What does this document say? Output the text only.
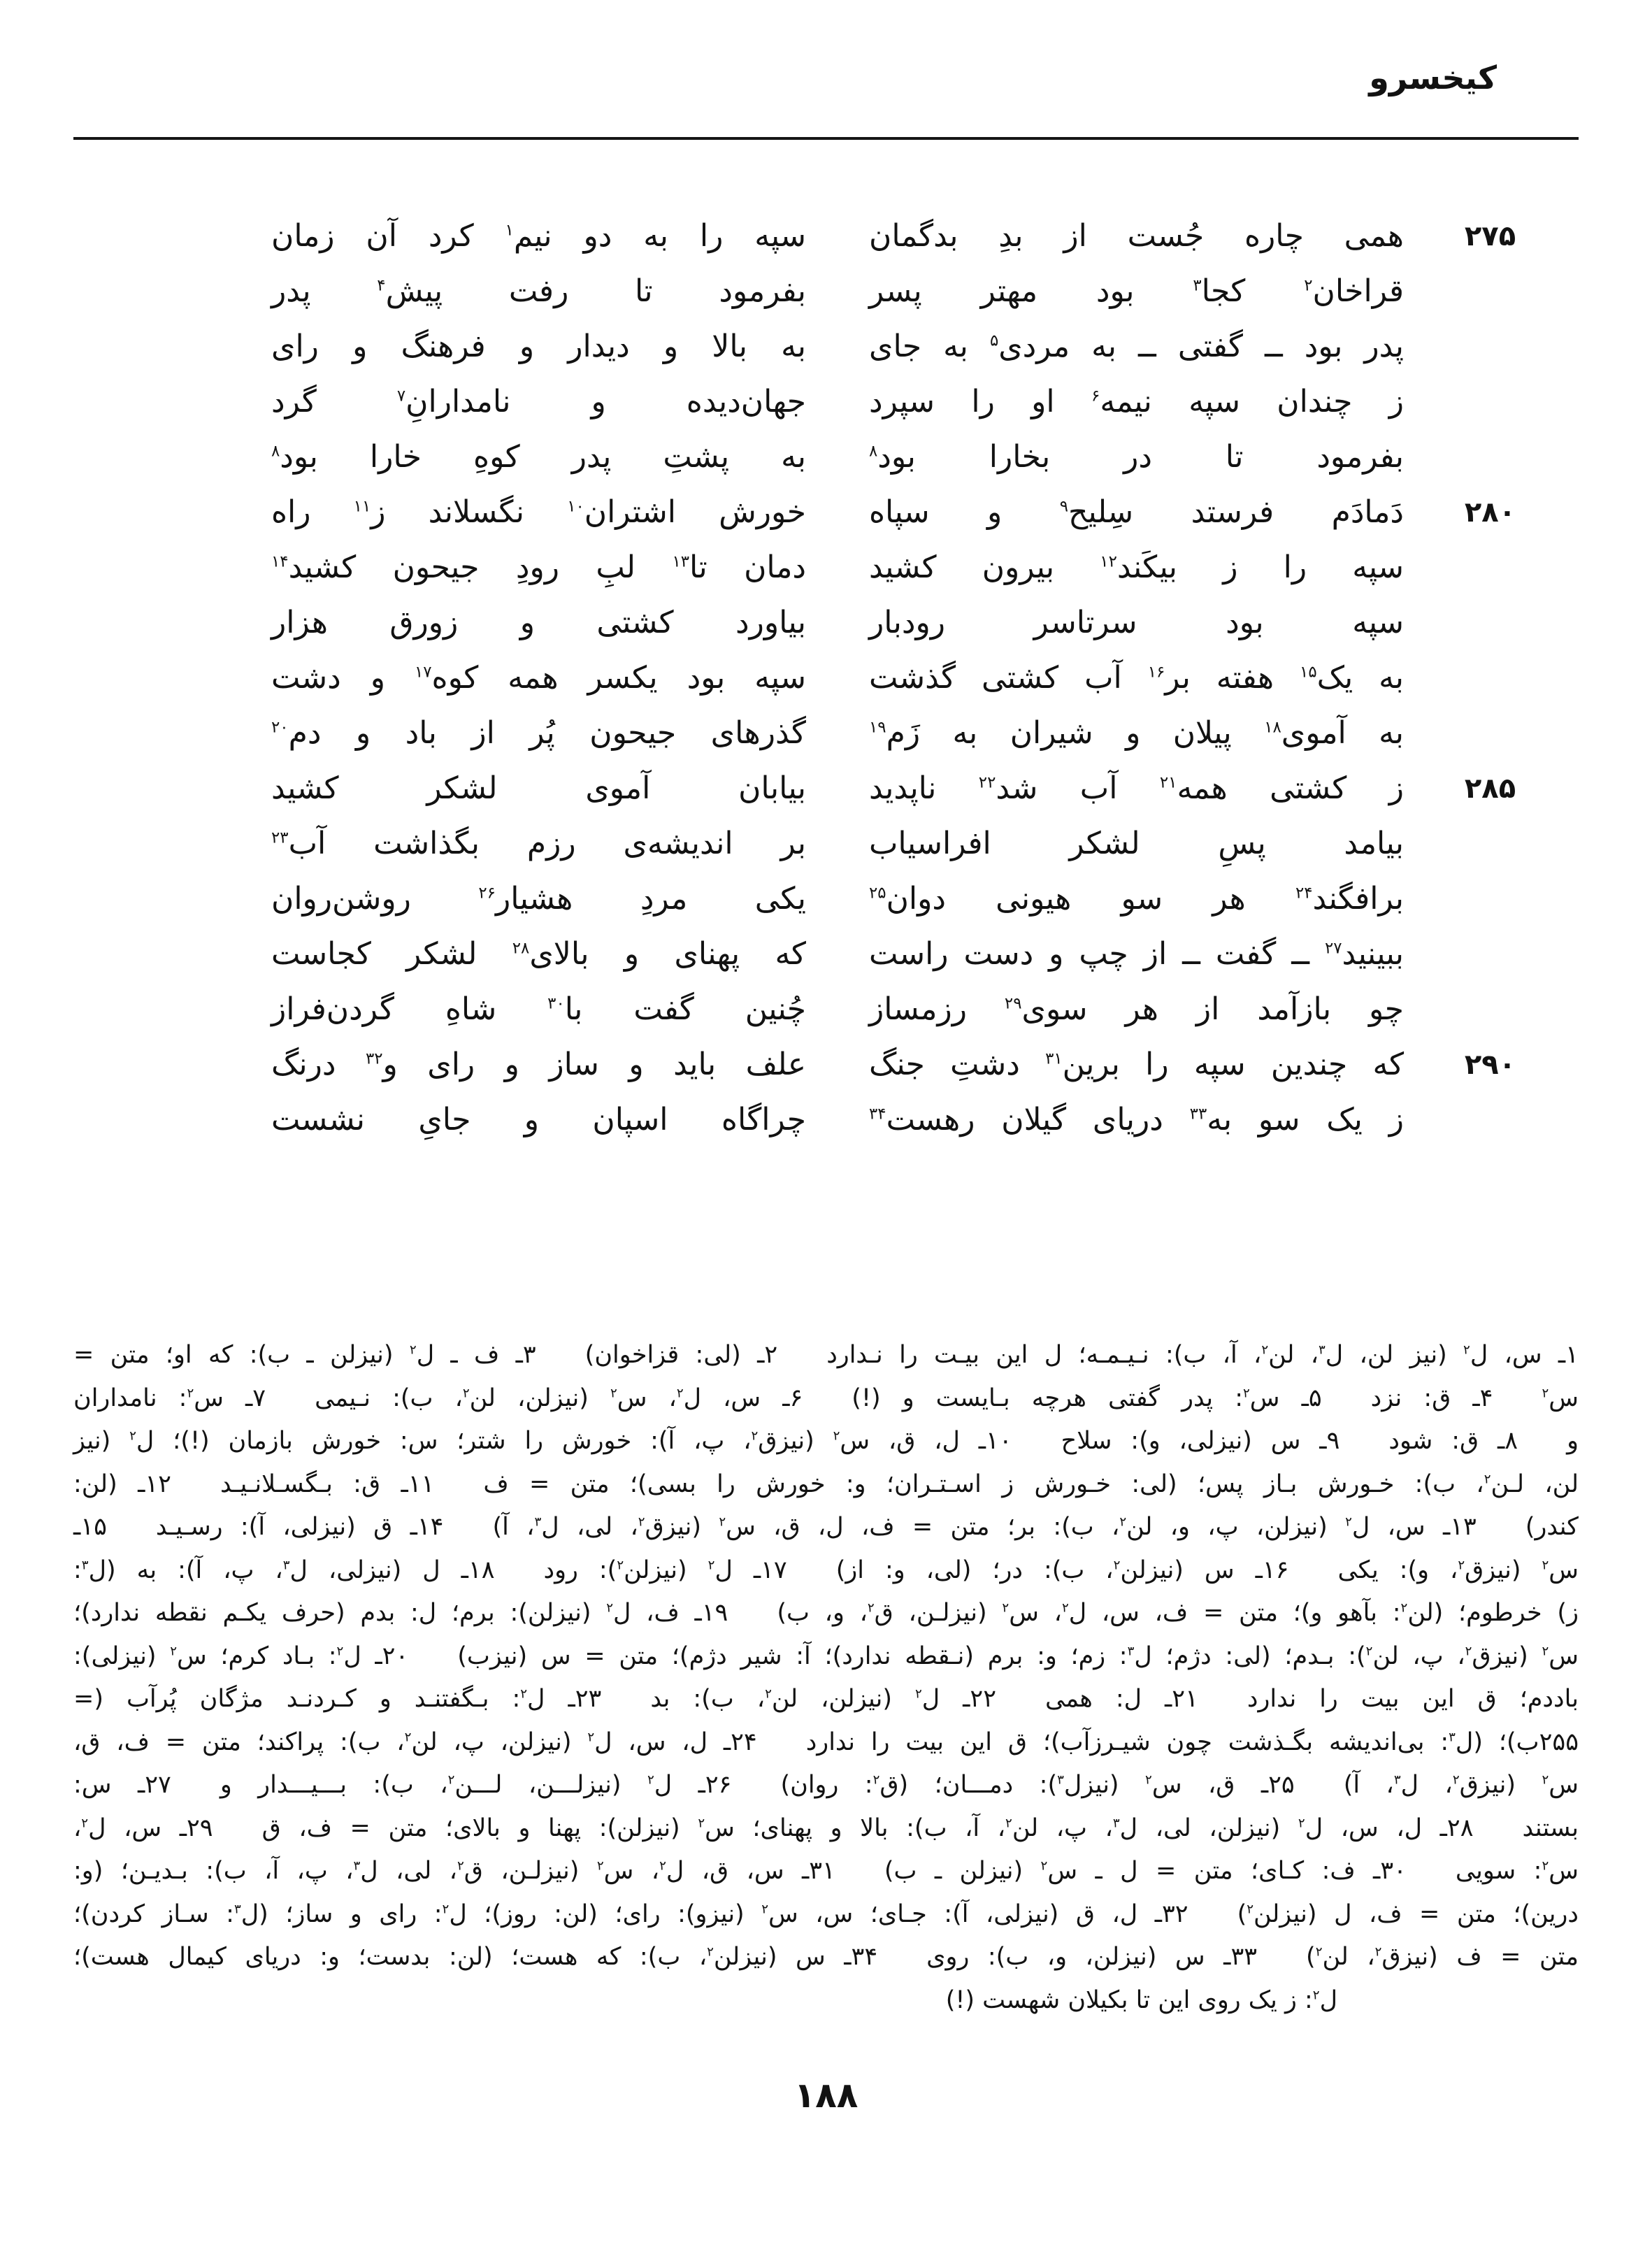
کیخسرو
۲۷۵
همی چاره جُست از بدِ بدگمان
سپه را به دو نیم$^۱$ کرد آن زمان
قراخان$^۲$ کجا$^۳$ بود مهتر پسر
بفرمود تا رفت پیش$^۴$ پدر
پدر بود ــ گفتی ــ به مردی$^۵$ به جای
به بالا و دیدار و فرهنگ و رای
ز چندان سپه نیمه$^۶$ او را سپرد
جهان‌دیده و نامدارانِ$^۷$ گرد
بفرمود تا در بخارا بود$^۸$
به پشتِ پدر کوهِ خارا بود$^۸$
۲۸۰
دَمادَم فرستد سِلیح$^۹$ و سپاه
خورش اشتران$^{۱۰}$ نگسلاند ز$^{۱۱}$ راه
سپه را ز بیکَند$^{۱۲}$ بیرون کشید
دمان تا$^{۱۳}$ لبِ رودِ جیحون کشید$^{۱۴}$
سپه بود سرتاسر رودبار
بیاورد کشتی و زورق هزار
به یک$^{۱۵}$ هفته بر$^{۱۶}$ آب کشتی گذشت
سپه بود یکسر همه کوه$^{۱۷}$ و دشت
به آموی$^{۱۸}$ پیلان و شیران به زَم$^{۱۹}$
گذرهای جیحون پُر از باد و دم$^{۲۰}$
۲۸۵
ز کشتی همه$^{۲۱}$ آب شد$^{۲۲}$ ناپدید
بیابان آموی لشکر کشید
بیامد پسِ لشکر افراسیاب
بر اندیشه‌ی رزم بگذاشت آب$^{۲۳}$
برافگند$^{۲۴}$ هر سو هیونی دوان$^{۲۵}$
یکی مردِ هشیار$^{۲۶}$ روشن‌روان
ببینید$^{۲۷}$ ــ گفت ــ از چپ و دست راست
که پهنای و بالای$^{۲۸}$ لشکر کجاست
چو بازآمد از هر سوی$^{۲۹}$ رزمساز
چُنین گفت با$^{۳۰}$ شاهِ گردن‌فراز
۲۹۰
که چندین سپه را برین$^{۳۱}$ دشتِ جنگ
علف باید و ساز و رای و$^{۳۲}$ درنگ
ز یک سو به$^{۳۳}$ دریای گیلان رهست$^{۳۴}$
چراگاه اسپان و جایِ نشست
۱ـ س، ل$^۲$ (نیز لن، ل$^۳$، لن$^۲$، آ، ب): نـیـمـه؛ ل این بیـت را نـدارد  ۲ـ (لی: قزاخوان)  ۳ـ ف ـ ل$^۲$ (نیزلن ـ ب): که او؛ متن =
س$^۲$  ۴ـ ق: نزد  ۵ـ س$^۲$: پدر گفتی هرچه بـایست و (!)  ۶ـ س، ل$^۲$، س$^۲$ (نیزلن، لن$^۲$، ب): نـیمی  ۷ـ س$^۲$: نامداران
و  ۸ـ ق: شود  ۹ـ س (نیزلی، و): سلاح  ۱۰ـ ل، ق، س$^۲$ (نیزق$^۲$، پ، آ): خورش را شتر؛ س: خورش بازمان (!)؛ ل$^۲$ (نیز
لن، لـن$^۲$، ب): خـورش بـاز پس؛ (لی: خـورش ز اسـتـران؛ و: خورش را بسی)؛ متن = ف  ۱۱ـ ق: بـگسـلانـیـد  ۱۲ـ (لن:
کندر)  ۱۳ـ س، ل$^۲$ (نیزلن، پ، و، لن$^۲$، ب): بر؛ متن = ف، ل، ق، س$^۲$ (نیزق$^۲$، لی، ل$^۳$، آ)  ۱۴ـ ق (نیزلی، آ): رسـیـد  ۱۵ـ
س$^۲$ (نیزق$^۲$، و): یکی  ۱۶ـ س (نیزلن$^۲$، ب): در؛ (لی، و: از)  ۱۷ـ ل$^۲$ (نیزلن$^۲$): رود  ۱۸ـ ل (نیزلی، ل$^۳$، پ، آ): به (ل$^۳$:
ز) خرطوم؛ (لن$^۲$: بآهو و)؛ متن = ف، س، ل$^۲$، س$^۲$ (نیزلـن، ق$^۲$، و، ب)  ۱۹ـ ف، ل$^۲$ (نیزلن): برم؛ ل: بدم (حرف یکـم نقطه ندارد)؛
س$^۲$ (نیزق$^۲$، پ، لن$^۲$): بـدم؛ (لی: دژم؛ ل$^۳$: زم؛ و: برم (نـقطه ندارد)؛ آ: شیر دژم)؛ متن = س (نیزب)  ۲۰ـ ل$^۲$: بـاد کرم؛ س$^۲$ (نیزلی):
باددم؛ ق این بیت را ندارد  ۲۱ـ ل: همی  ۲۲ـ ل$^۲$ (نیزلن، لن$^۲$، ب): بد  ۲۳ـ ل$^۲$: بـگفتنـد و کـردنـد مژگان پُرآب (=
۲۵۵ب)؛ (ل$^۳$: بی‌اندیشه بگـذشت چون شیـرزآب)؛ ق این بیت را ندارد  ۲۴ـ ل، س، ل$^۲$ (نیزلن، پ، لن$^۲$، ب): پراکند؛ متن = ف، ق،
س$^۲$ (نیزق$^۲$، ل$^۳$، آ)  ۲۵ـ ق، س$^۲$ (نیزل$^۳$): دمـــان؛ (ق$^۲$: روان)  ۲۶ـ ل$^۲$ (نیزلـــن، لـــن$^۲$، ب): بـــیـــدار و  ۲۷ـ س:
بستند  ۲۸ـ ل، س، ل$^۲$ (نیزلن، لی، ل$^۳$، پ، لن$^۲$، آ، ب): بالا و پهنای؛ س$^۲$ (نیزلن): پهنا و بالای؛ متن = ف، ق  ۲۹ـ س، ل$^۲$،
س$^۲$: سویی  ۳۰ـ ف: کـای؛ متن = ل ـ س$^۲$ (نیزلن ـ ب)  ۳۱ـ س، ق، ل$^۲$، س$^۲$ (نیزلـن، ق$^۲$، لی، ل$^۳$، پ، آ، ب): بـدیـن؛ (و:
درین)؛ متن = ف، ل (نیزلن$^۲$)  ۳۲ـ ل، ق (نیزلی، آ): جـای؛ س، س$^۲$ (نیزو): رای؛ (لن: روز)؛ ل$^۲$: رای و ساز؛ (ل$^۳$: سـاز کردن)؛
متن = ف (نیزق$^۲$، لن$^۲$)  ۳۳ـ س (نیزلن، و، ب): روی  ۳۴ـ س (نیزلن$^۲$، ب): که هست؛ (لن: بدست؛ و: دریای کیمال هست)؛
ل$^۲$: ز یک روی این تا بکیلان شهست (!)
۱۸۸
